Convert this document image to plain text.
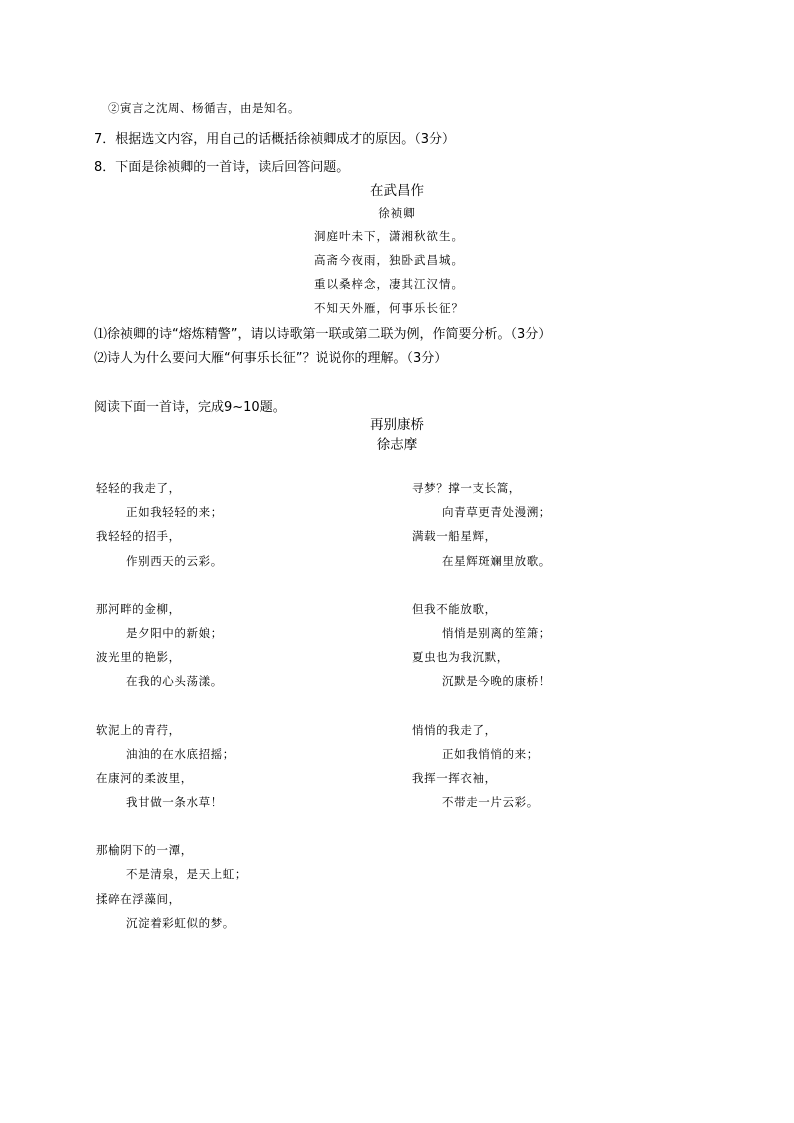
②寅言之沈周、杨循吉，由是知名。
7．根据选文内容，用自己的话概括徐祯卿成才的原因。（3分）
8．下面是徐祯卿的一首诗，读后回答问题。
在武昌作
徐祯卿
洞庭叶未下，潇湘秋欲生。
高斋今夜雨，独卧武昌城。
重以桑梓念，凄其江汉情。
不知天外雁，何事乐长征？
⑴徐祯卿的诗“熔炼精警”，请以诗歌第一联或第二联为例，作简要分析。（3分）
⑵诗人为什么要问大雁“何事乐长征”？说说你的理解。（3分）
阅读下面一首诗，完成9~10题。
再别康桥
徐志摩
轻轻的我走了，
正如我轻轻的来；
我轻轻的招手，
作别西天的云彩。
那河畔的金柳，
是夕阳中的新娘；
波光里的艳影，
在我的心头荡漾。
软泥上的青荇，
油油的在水底招摇；
在康河的柔波里，
我甘做一条水草！
那榆阴下的一潭，
不是清泉，是天上虹；
揉碎在浮藻间，
沉淀着彩虹似的梦。
寻梦？撑一支长篙，
向青草更青处漫溯；
满载一船星辉，
在星辉斑斓里放歌。
但我不能放歌，
悄悄是别离的笙箫；
夏虫也为我沉默，
沉默是今晚的康桥！
悄悄的我走了，
正如我悄悄的来；
我挥一挥衣袖，
不带走一片云彩。
